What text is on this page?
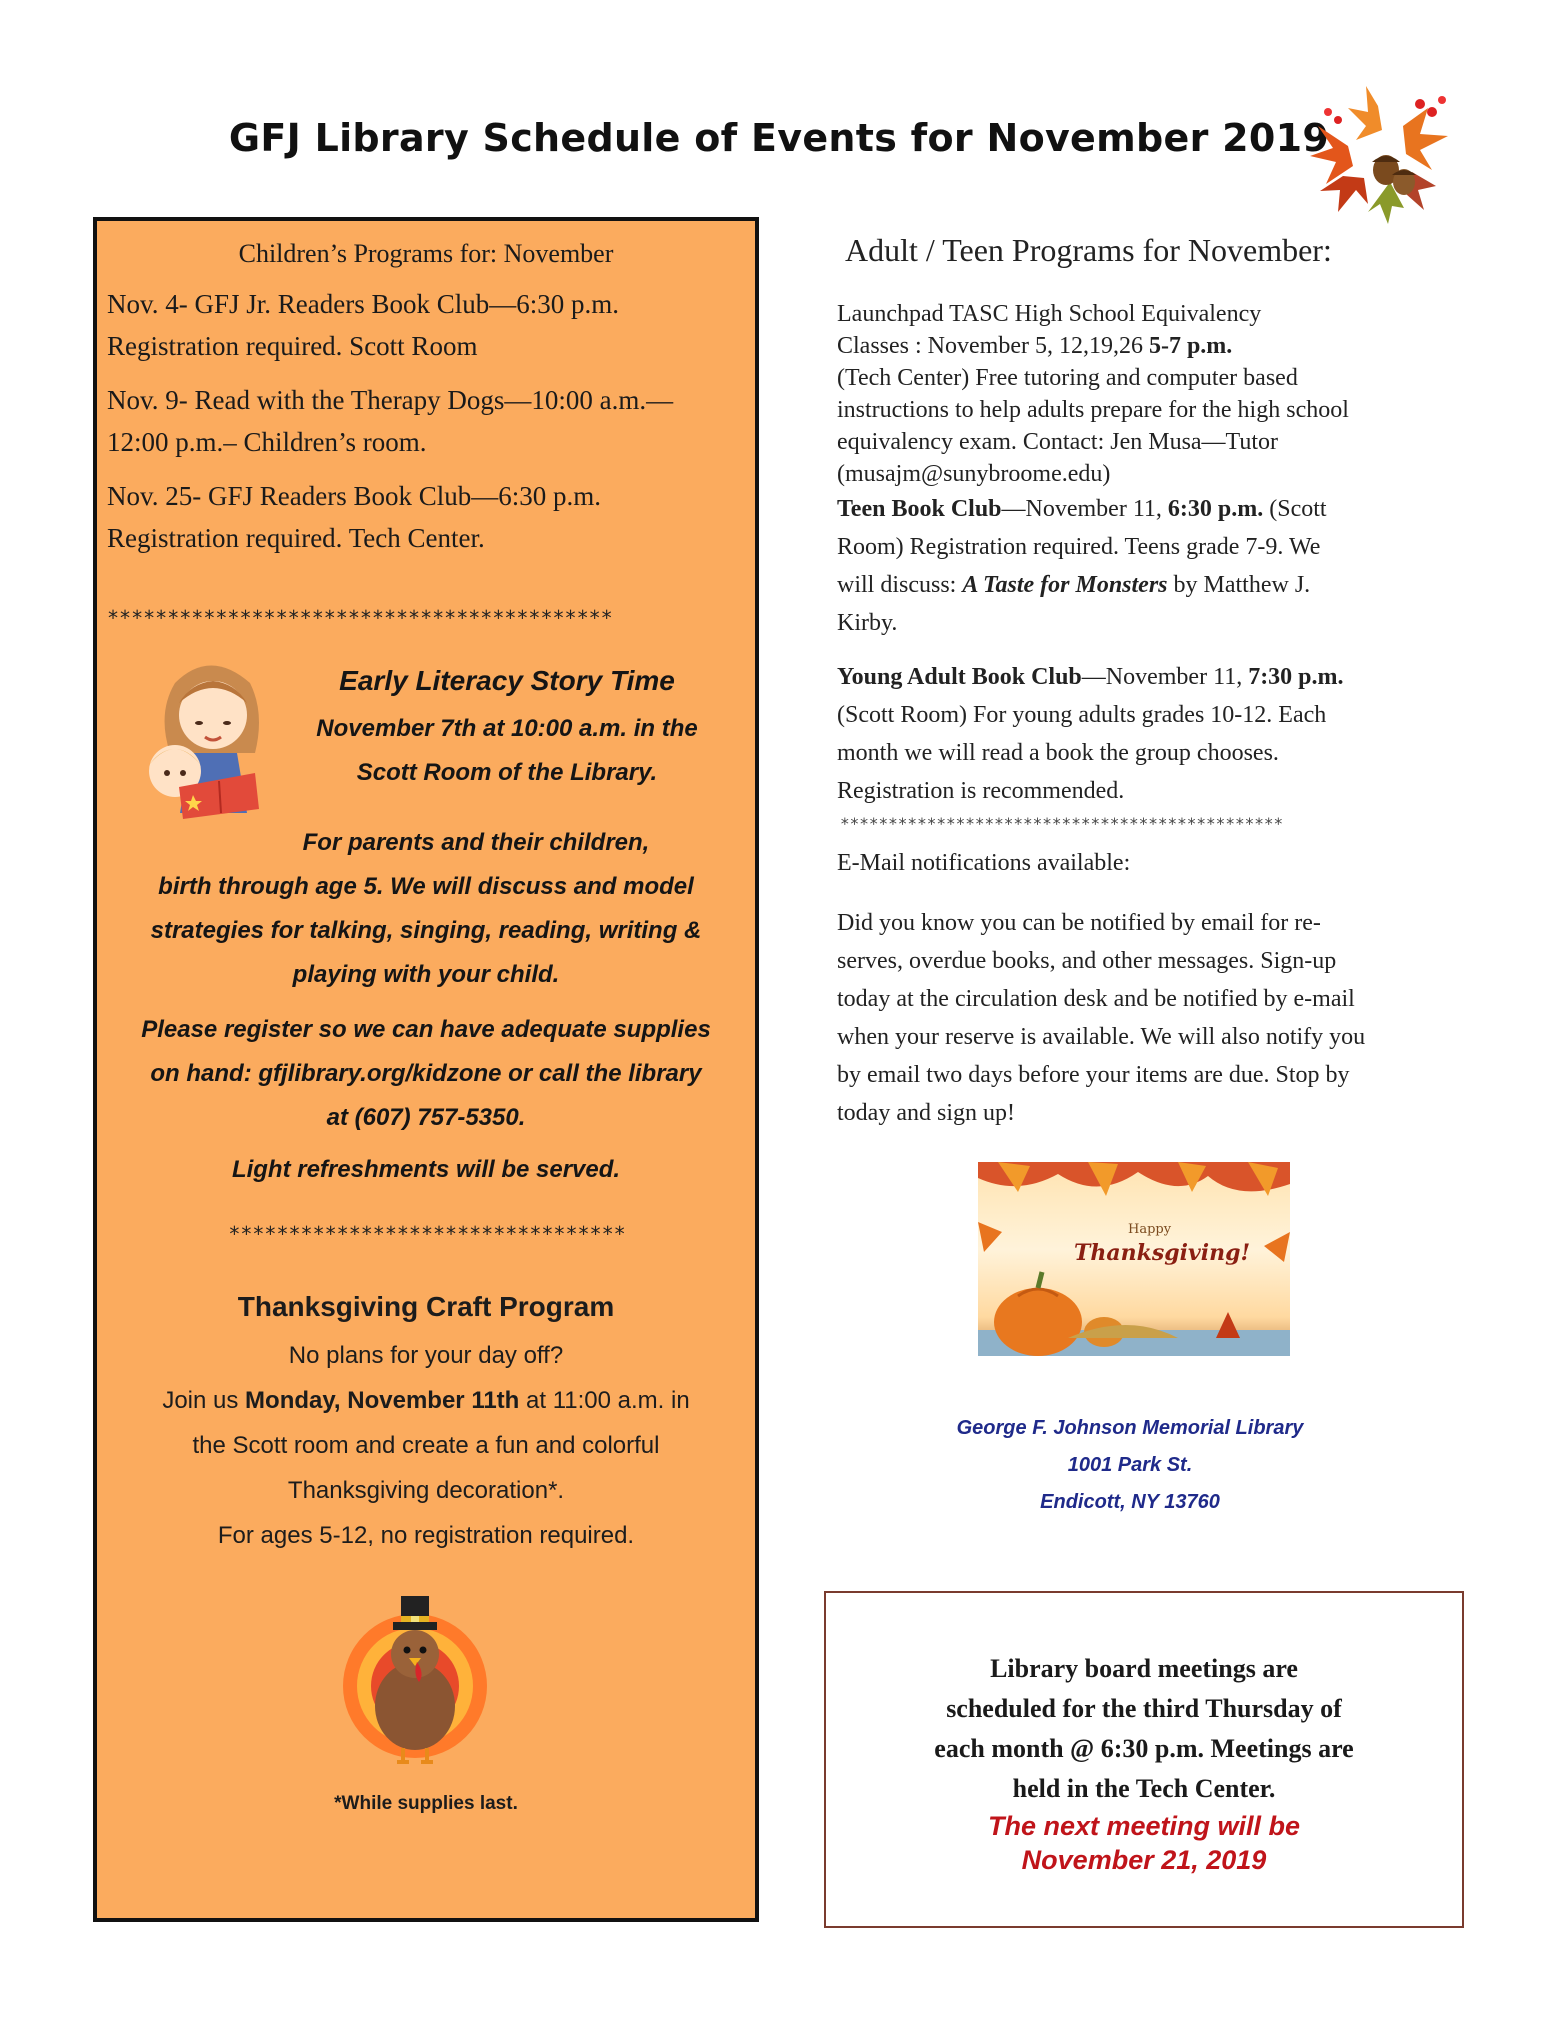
GFJ Library Schedule of Events for November 2019
Children’s Programs for: November
Nov. 4- GFJ Jr. Readers Book Club—6:30 p.m.
Registration required. Scott Room
Nov. 9- Read with the Therapy Dogs—10:00 a.m.—
12:00 p.m.– Children’s room.
Nov. 25- GFJ Readers Book Club—6:30 p.m.
Registration required. Tech Center.
******************************************
Early Literacy Story Time
November 7th at 10:00 a.m. in the
Scott Room of the Library.
For parents and their children,
birth through age 5. We will discuss and model
strategies for talking, singing, reading, writing &
playing with your child.
Please register so we can have adequate supplies
on hand: gfjlibrary.org/kidzone or call the library
at (607) 757-5350.
Light refreshments will be served.
*********************************
Thanksgiving Craft Program
No plans for your day off?
Join us Monday, November 11th at 11:00 a.m. in
the Scott room and create a fun and colorful
Thanksgiving decoration*.
For ages 5-12, no registration required.
*While supplies last.
Adult / Teen Programs for November:
Launchpad TASC High School Equivalency
Classes : November 5, 12,19,26 5-7 p.m.
(Tech Center) Free tutoring and computer based
instructions to help adults prepare for the high school
equivalency exam. Contact: Jen Musa—Tutor
(musajm@sunybroome.edu)
Teen Book Club—November 11, 6:30 p.m. (Scott
Room) Registration required. Teens grade 7-9. We
will discuss: A Taste for Monsters by Matthew J.
Kirby.
Young Adult Book Club—November 11, 7:30 p.m.
(Scott Room) For young adults grades 10-12. Each
month we will read a book the group chooses.
Registration is recommended.
**********************************************
E-Mail notifications available:
Did you know you can be notified by email for re-
serves, overdue books, and other messages. Sign-up
today at the circulation desk and be notified by e-mail
when your reserve is available. We will also notify you
by email two days before your items are due. Stop by
today and sign up!
Happy
Thanksgiving!
George F. Johnson Memorial Library
1001 Park St.
Endicott, NY 13760
Library board meetings are
scheduled for the third Thursday of
each month @ 6:30 p.m. Meetings are
held in the Tech Center.
The next meeting will be
November 21, 2019
